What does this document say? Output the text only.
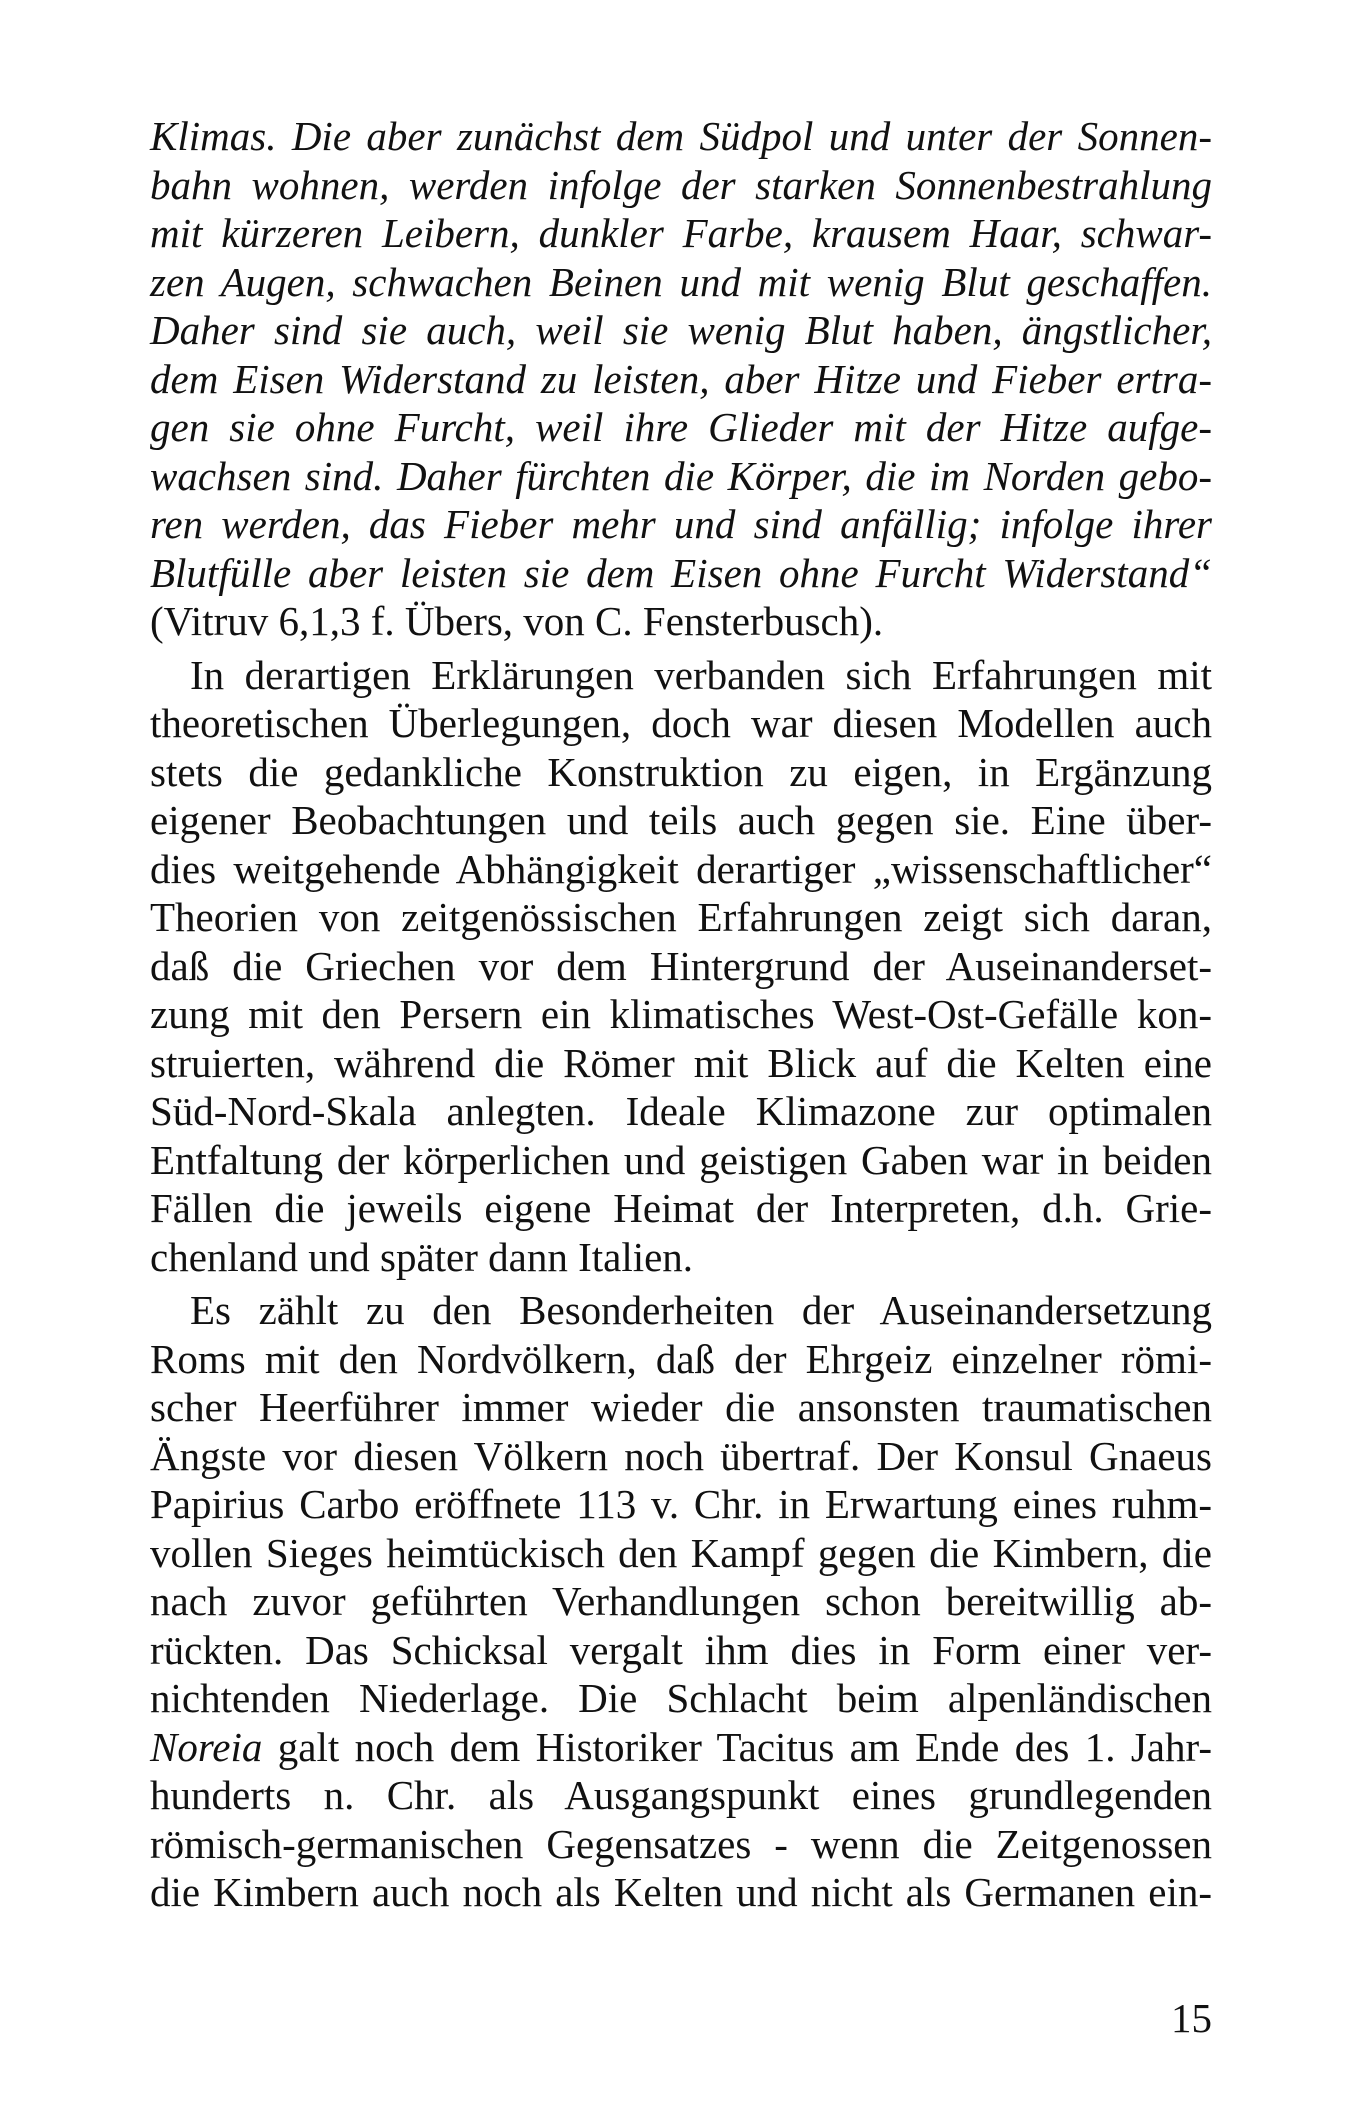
Klimas. Die aber zunächst dem Südpol und unter der Sonnen-
bahn wohnen, werden infolge der starken Sonnenbestrahlung
mit kürzeren Leibern, dunkler Farbe, krausem Haar, schwar-
zen Augen, schwachen Beinen und mit wenig Blut geschaffen.
Daher sind sie auch, weil sie wenig Blut haben, ängstlicher,
dem Eisen Widerstand zu leisten, aber Hitze und Fieber ertra-
gen sie ohne Furcht, weil ihre Glieder mit der Hitze aufge-
wachsen sind. Daher fürchten die Körper, die im Norden gebo-
ren werden, das Fieber mehr und sind anfällig; infolge ihrer
Blutfülle aber leisten sie dem Eisen ohne Furcht Widerstand“
(Vitruv 6,1,3 f. Übers, von C. Fensterbusch).
In derartigen Erklärungen verbanden sich Erfahrungen mit
theoretischen Überlegungen, doch war diesen Modellen auch
stets die gedankliche Konstruktion zu eigen, in Ergänzung
eigener Beobachtungen und teils auch gegen sie. Eine über-
dies weitgehende Abhängigkeit derartiger „wissenschaftlicher“
Theorien von zeitgenössischen Erfahrungen zeigt sich daran,
daß die Griechen vor dem Hintergrund der Auseinanderset-
zung mit den Persern ein klimatisches West-Ost-Gefälle kon-
struierten, während die Römer mit Blick auf die Kelten eine
Süd-Nord-Skala anlegten. Ideale Klimazone zur optimalen
Entfaltung der körperlichen und geistigen Gaben war in beiden
Fällen die jeweils eigene Heimat der Interpreten, d.h. Grie-
chenland und später dann Italien.
Es zählt zu den Besonderheiten der Auseinandersetzung
Roms mit den Nordvölkern, daß der Ehrgeiz einzelner römi-
scher Heerführer immer wieder die ansonsten traumatischen
Ängste vor diesen Völkern noch übertraf. Der Konsul Gnaeus
Papirius Carbo eröffnete 113 v. Chr. in Erwartung eines ruhm-
vollen Sieges heimtückisch den Kampf gegen die Kimbern, die
nach zuvor geführten Verhandlungen schon bereitwillig ab-
rückten. Das Schicksal vergalt ihm dies in Form einer ver-
nichtenden Niederlage. Die Schlacht beim alpenländischen
Noreia galt noch dem Historiker Tacitus am Ende des 1. Jahr-
hunderts n. Chr. als Ausgangspunkt eines grundlegenden
römisch-germanischen Gegensatzes - wenn die Zeitgenossen
die Kimbern auch noch als Kelten und nicht als Germanen ein-
15
